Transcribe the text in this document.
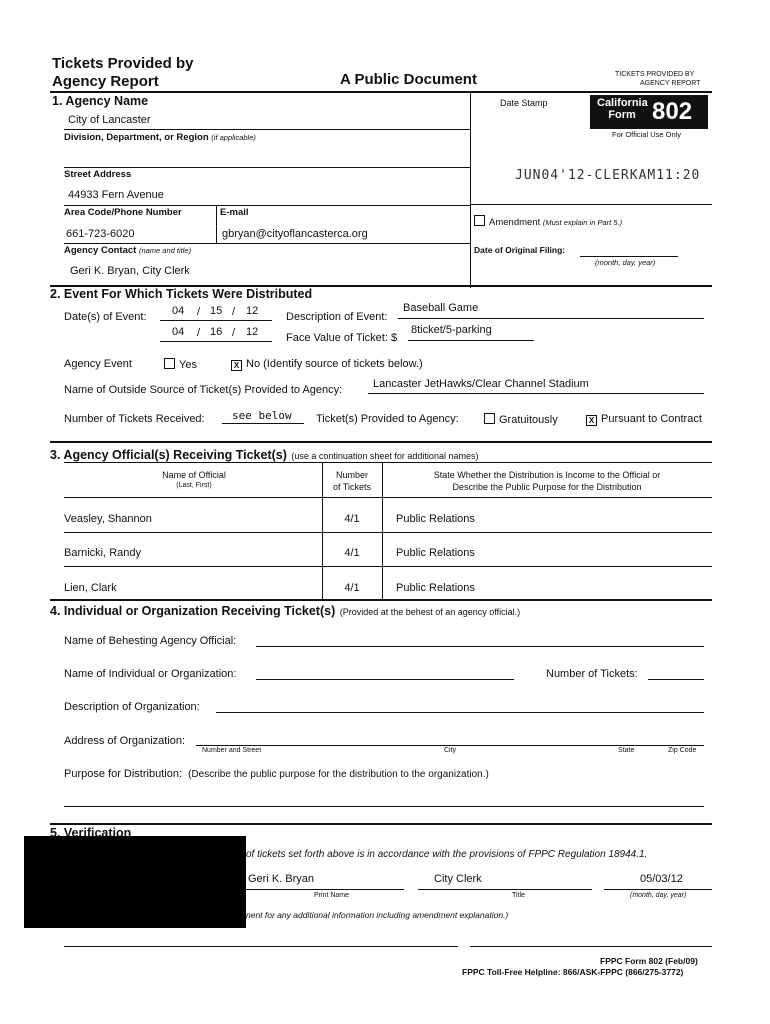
Tickets Provided by
Agency Report	A Public Document	TICKETS PROVIDED BY
AGENCY REPORT
California Form 802
For Official Use Only
Date Stamp
JUN04'12-CLERKAM11:20
1. Agency Name
City of Lancaster
Division, Department, or Region (if applicable)
Street Address
44933 Fern Avenue
Area Code/Phone Number	E-mail
661-723-6020	gbryan@cityoflancasterca.org
Agency Contact (name and title)
Geri K. Bryan, City Clerk
Amendment (Must explain in Part 5.)
Date of Original Filing:
(month, day, year)
2. Event For Which Tickets Were Distributed
Date(s) of Event: 04 / 15 / 12
04 / 16 / 12
Description of Event:
Baseball Game
Face Value of Ticket: $
8ticket/5-parking
Agency Event	Yes	X No (Identify source of tickets below.)
Name of Outside Source of Ticket(s) Provided to Agency:	Lancaster JetHawks/Clear Channel Stadium
Number of Tickets Received: see below Ticket(s) Provided to Agency:	Gratuitously	X Pursuant to Contract
3. Agency Official(s) Receiving Ticket(s) (use a continuation sheet for additional names)
Name of Official
(Last, First)
Number
of Tickets
State Whether the Distribution is Income to the Official or
Describe the Public Purpose for the Distribution
Veasley, Shannon	4/1	Public Relations
Barnicki, Randy	4/1	Public Relations
Lien, Clark	4/1	Public Relations
4. Individual or Organization Receiving Ticket(s) (Provided at the behest of an agency official.)
Name of Behesting Agency Official:
Name of Individual or Organization:	Number of Tickets:
Description of Organization:
Address of Organization:
Number and Street	City	State	Zip Code
Purpose for Distribution: (Describe the public purpose for the distribution to the organization.)
5. Verification
of tickets set forth above is in accordance with the provisions of FPPC Regulation 18944.1.
Geri K. Bryan	City Clerk	05/03/12
Print Name	Title	(month, day, year)
nent for any additional information including amendment explanation.)
FPPC Form 802 (Feb/09)
FPPC Toll-Free Helpline: 866/ASK-FPPC (866/275-3772)
